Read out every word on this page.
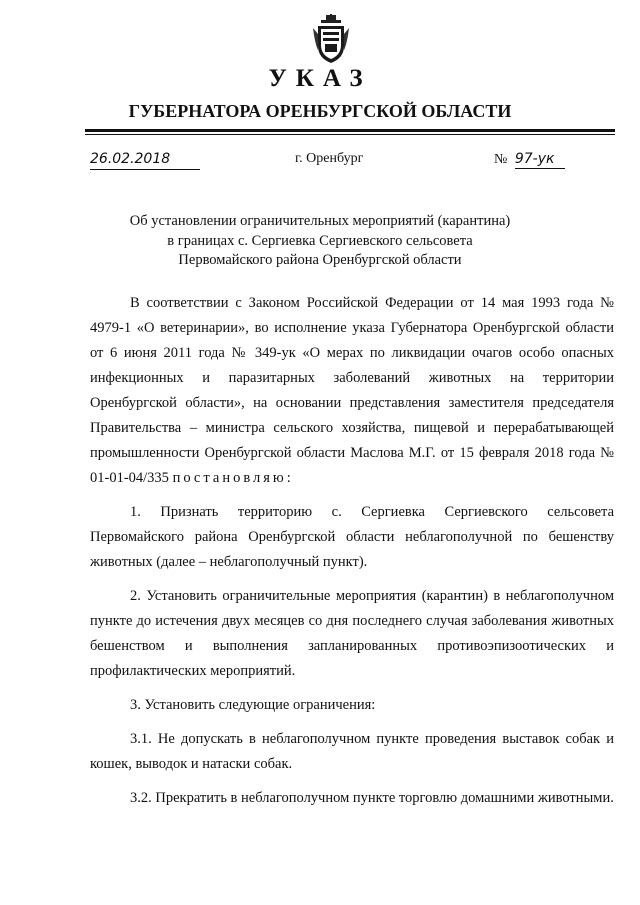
УКАЗ
ГУБЕРНАТОРА ОРЕНБУРГСКОЙ ОБЛАСТИ
26.02.2018	г. Оренбург	№ 97-ук
Об установлении ограничительных мероприятий (карантина)
в границах с. Сергиевка Сергиевского сельсовета
Первомайского района Оренбургской области

В соответствии с Законом Российской Федерации от 14 мая 1993 года № 4979-1 «О ветеринарии», во исполнение указа Губернатора Оренбургской области от 6 июня 2011 года № 349-ук «О мерах по ликвидации очагов особо опасных инфекционных и паразитарных заболеваний животных на территории Оренбургской области», на основании представления заместителя председателя Правительства – министра сельского хозяйства, пищевой и перерабатывающей промышленности Оренбургской области Маслова М.Г. от 15 февраля 2018 года № 01-01-04/335 постановляю:

1. Признать территорию с. Сергиевка Сергиевского сельсовета Первомайского района Оренбургской области неблагополучной по бешенству животных (далее – неблагополучный пункт).

2. Установить ограничительные мероприятия (карантин) в неблагополучном пункте до истечения двух месяцев со дня последнего случая заболевания животных бешенством и выполнения запланированных противоэпизоотических и профилактических мероприятий.

3. Установить следующие ограничения:

3.1. Не допускать в неблагополучном пункте проведения выставок собак и кошек, выводок и натаски собак.

3.2. Прекратить в неблагополучном пункте торговлю домашними животными.
